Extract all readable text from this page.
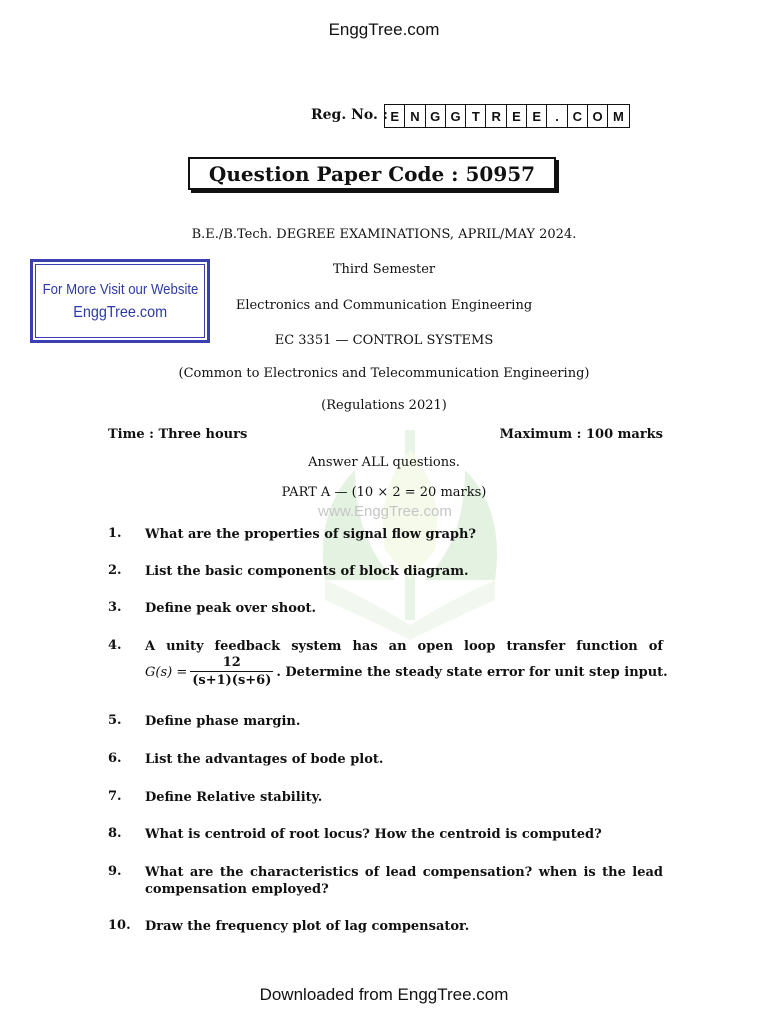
EnggTree.com
Reg. No. : E N G G T R E E	.	C O M
Question Paper Code : 50957
For More Visit our Website
EnggTree.com
www.EnggTree.com
B.E./B.Tech. DEGREE EXAMINATIONS, APRIL/MAY 2024.
Third Semester
Electronics and Communication Engineering
EC 3351 — CONTROL SYSTEMS
(Common to Electronics and Telecommunication Engineering)
(Regulations 2021)
Time : Three hours	Maximum : 100 marks
Answer ALL questions.
PART A — (10 × 2 = 20 marks)
1. What are the properties of signal flow graph?
2. List the basic components of block diagram.
3. Define peak over shoot.
4. A unity feedback system has an open loop transfer function of
$G(s) = \frac{12}{(s+1)(s+6)}$ . Determine the steady state error for unit step input.
5. Define phase margin.
6. List the advantages of bode plot.
7. Define Relative stability.
8. What is centroid of root locus? How the centroid is computed?
9. What are the characteristics of lead compensation? when is the lead
compensation employed?
10. Draw the frequency plot of lag compensator.
Downloaded from EnggTree.com
